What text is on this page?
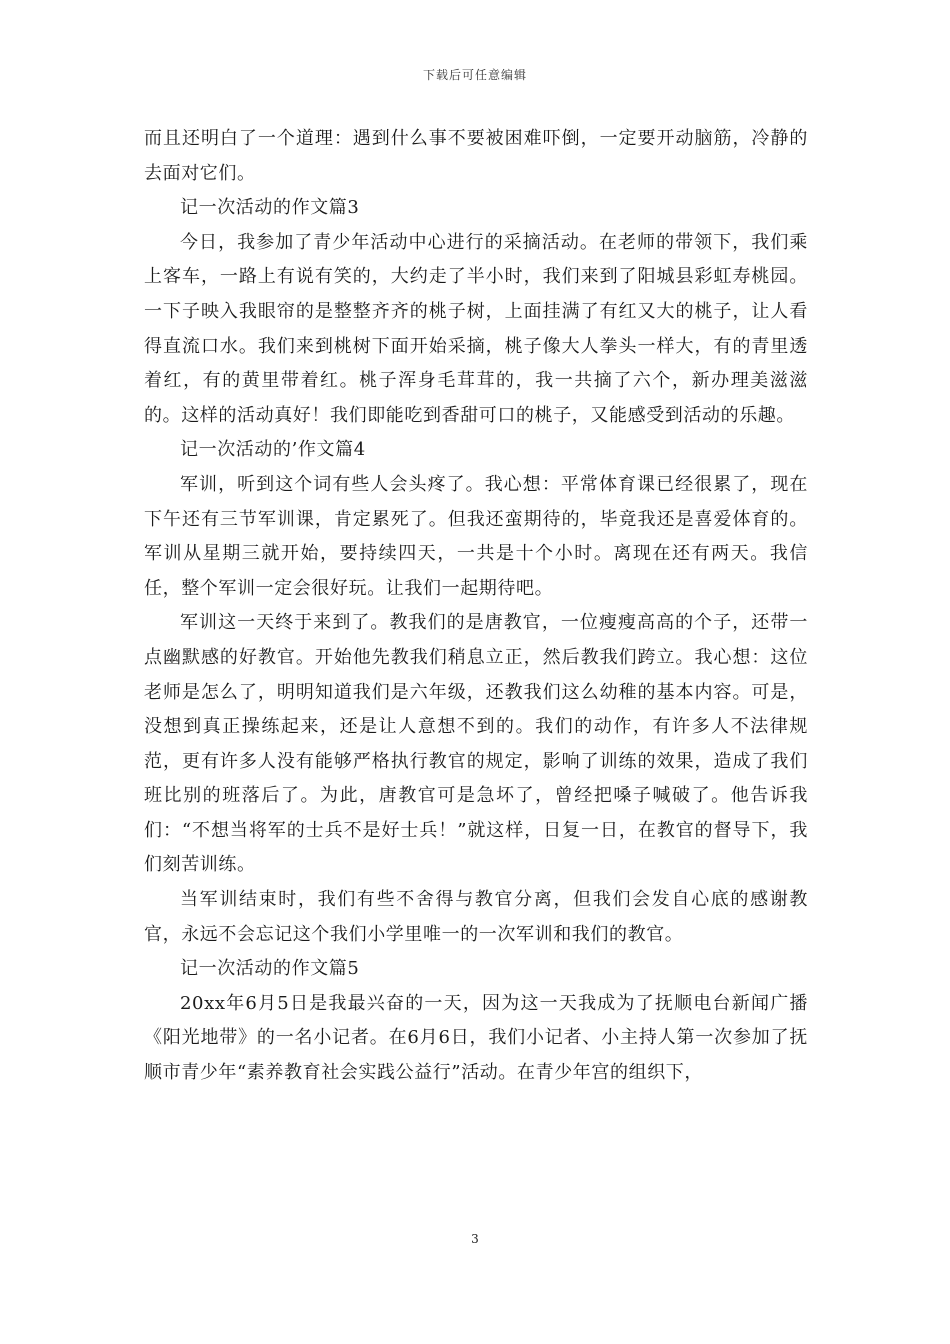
下载后可任意编辑

而且还明白了一个道理：遇到什么事不要被困难吓倒，一定要开动脑筋，冷静的去面对它们。

记一次活动的作文篇3

今日，我参加了青少年活动中心进行的采摘活动。在老师的带领下，我们乘上客车，一路上有说有笑的，大约走了半小时，我们来到了阳城县彩虹寿桃园。一下子映入我眼帘的是整整齐齐的桃子树，上面挂满了有红又大的桃子，让人看得直流口水。我们来到桃树下面开始采摘，桃子像大人拳头一样大，有的青里透着红，有的黄里带着红。桃子浑身毛茸茸的，我一共摘了六个，新办理美滋滋的。这样的活动真好！我们即能吃到香甜可口的桃子，又能感受到活动的乐趣。

记一次活动的’作文篇4

军训，听到这个词有些人会头疼了。我心想：平常体育课已经很累了，现在下午还有三节军训课，肯定累死了。但我还蛮期待的，毕竟我还是喜爱体育的。军训从星期三就开始，要持续四天，一共是十个小时。离现在还有两天。我信任，整个军训一定会很好玩。让我们一起期待吧。

军训这一天终于来到了。教我们的是唐教官，一位瘦瘦高高的个子，还带一点幽默感的好教官。开始他先教我们稍息立正，然后教我们跨立。我心想：这位老师是怎么了，明明知道我们是六年级，还教我们这么幼稚的基本内容。可是，没想到真正操练起来，还是让人意想不到的。我们的动作，有许多人不法律规范，更有许多人没有能够严格执行教官的规定，影响了训练的效果，造成了我们班比别的班落后了。为此，唐教官可是急坏了，曾经把嗓子喊破了。他告诉我们：“不想当将军的士兵不是好士兵！”就这样，日复一日，在教官的督导下，我们刻苦训练。

当军训结束时，我们有些不舍得与教官分离，但我们会发自心底的感谢教官，永远不会忘记这个我们小学里唯一的一次军训和我们的教官。

记一次活动的作文篇5

20xx年6月5日是我最兴奋的一天，因为这一天我成为了抚顺电台新闻广播《阳光地带》的一名小记者。在6月6日，我们小记者、小主持人第一次参加了抚顺市青少年“素养教育社会实践公益行”活动。在青少年宫的组织下，

3
